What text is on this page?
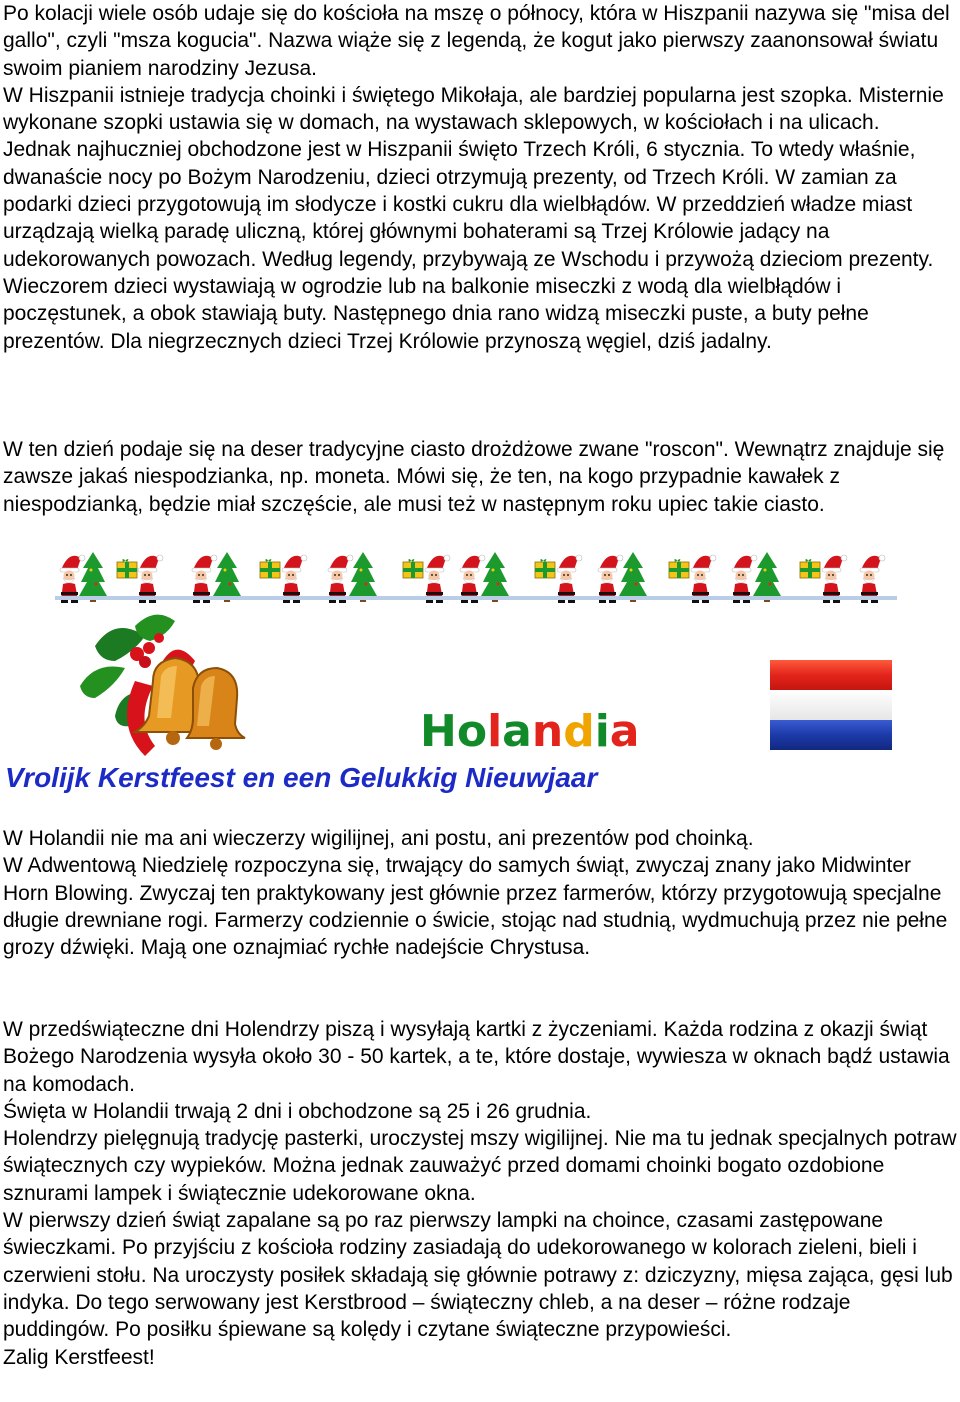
Po kolacji wiele osób udaje się do kościoła na mszę o północy, która w Hiszpanii nazywa się "misa del gallo", czyli "msza kogucia". Nazwa wiąże się z legendą, że kogut jako pierwszy zaanonsował światu swoim pianiem narodziny Jezusa.

W Hiszpanii istnieje tradycja choinki i świętego Mikołaja, ale bardziej popularna jest szopka. Misternie wykonane szopki ustawia się w domach, na wystawach sklepowych, w kościołach i na ulicach.

Jednak najhuczniej obchodzone jest w Hiszpanii święto Trzech Króli, 6 stycznia. To wtedy właśnie, dwanaście nocy po Bożym Narodzeniu, dzieci otrzymują prezenty, od Trzech Króli. W zamian za podarki dzieci przygotowują im słodycze i kostki cukru dla wielbłądów. W przeddzień władze miast urządzają wielką paradę uliczną, której głównymi bohaterami są Trzej Królowie jadący na udekorowanych powozach. Według legendy, przybywają ze Wschodu i przywożą dzieciom prezenty. Wieczorem dzieci wystawiają w ogrodzie lub na balkonie miseczki z wodą dla wielbłądów i poczęstunek, a obok stawiają buty. Następnego dnia rano widzą miseczki puste, a buty pełne prezentów. Dla niegrzecznych dzieci Trzej Królowie przynoszą węgiel, dziś jadalny.

W ten dzień podaje się na deser tradycyjne ciasto drożdżowe zwane "roscon". Wewnątrz znajduje się zawsze jakaś niespodzianka, np. moneta. Mówi się, że ten, na kogo przypadnie kawałek z niespodzianką, będzie miał szczęście, ale musi też w następnym roku upiec takie ciasto.

Holandia
Vrolijk Kerstfeest en een Gelukkig Nieuwjaar

W Holandii nie ma ani wieczerzy wigilijnej, ani postu, ani prezentów pod choinką.

W Adwentową Niedzielę rozpoczyna się, trwający do samych świąt, zwyczaj znany jako Midwinter Horn Blowing. Zwyczaj ten praktykowany jest głównie przez farmerów, którzy przygotowują specjalne długie drewniane rogi. Farmerzy codziennie o świcie, stojąc nad studnią, wydmuchują przez nie pełne grozy dźwięki. Mają one oznajmiać rychłe nadejście Chrystusa.

W przedświąteczne dni Holendrzy piszą i wysyłają kartki z życzeniami. Każda rodzina z okazji świąt Bożego Narodzenia wysyła około 30 - 50 kartek, a te, które dostaje, wywiesza w oknach bądź ustawia na komodach.

Święta w Holandii trwają 2 dni i obchodzone są 25 i 26 grudnia.

Holendrzy pielęgnują tradycję pasterki, uroczystej mszy wigilijnej. Nie ma tu jednak specjalnych potraw świątecznych czy wypieków. Można jednak zauważyć przed domami choinki bogato ozdobione sznurami lampek i świątecznie udekorowane okna.

W pierwszy dzień świąt zapalane są po raz pierwszy lampki na choince, czasami zastępowane świeczkami. Po przyjściu z kościoła rodziny zasiadają do udekorowanego w kolorach zieleni, bieli i czerwieni stołu. Na uroczysty posiłek składają się głównie potrawy z: dziczyzny, mięsa zająca, gęsi lub indyka. Do tego serwowany jest Kerstbrood – świąteczny chleb, a na deser – różne rodzaje puddingów. Po posiłku śpiewane są kolędy i czytane świąteczne przypowieści.

Zalig Kerstfeest!
